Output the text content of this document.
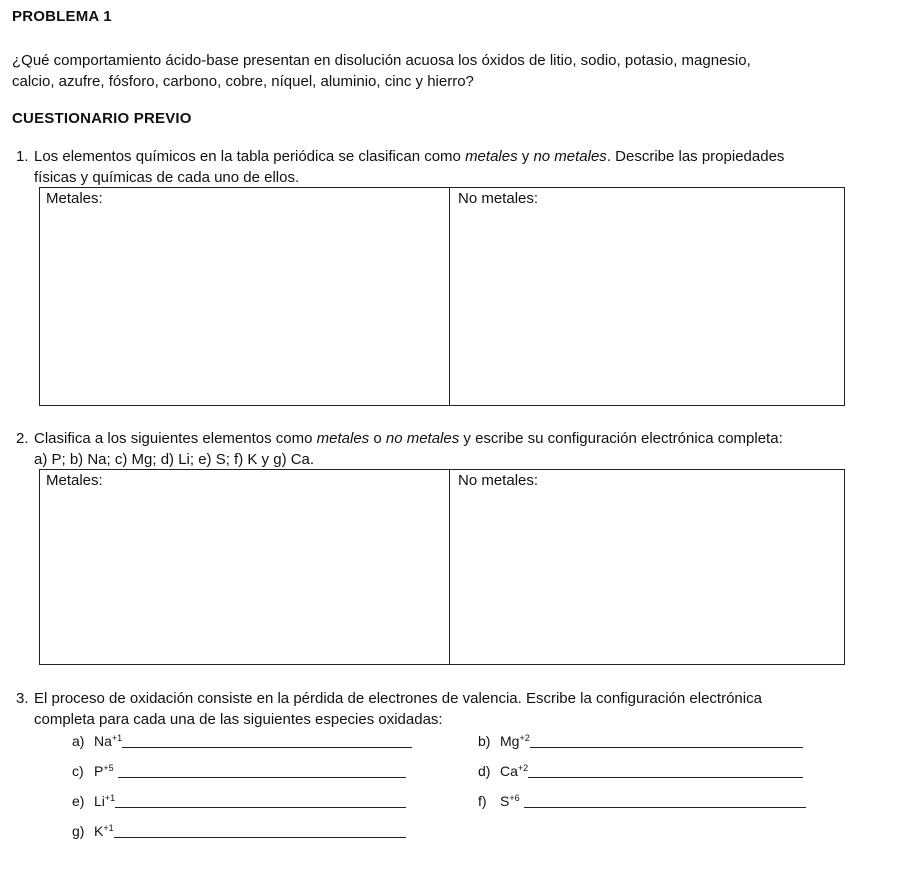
PROBLEMA 1
¿Qué comportamiento ácido-base presentan en disolución acuosa los óxidos de litio, sodio, potasio, magnesio,
calcio, azufre, fósforo, carbono, cobre, níquel, aluminio, cinc y hierro?
CUESTIONARIO PREVIO
1. Los elementos químicos en la tabla periódica se clasifican como metales y no metales. Describe las propiedades
físicas y químicas de cada uno de ellos.
Metales:	No metales:
2. Clasifica a los siguientes elementos como metales o no metales y escribe su configuración electrónica completa:
a) P; b) Na; c) Mg; d) Li; e) S; f) K y g) Ca.
Metales:	No metales:
3. El proceso de oxidación consiste en la pérdida de electrones de valencia. Escribe la configuración electrónica
completa para cada una de las siguientes especies oxidadas:
a) $Na^{+1}$	b) $Mg^{+2}$
c) $P^{+5}$	d) $Ca^{+2}$
e) $Li^{+1}$	f) $S^{+6}$
g) $K^{+1}$
